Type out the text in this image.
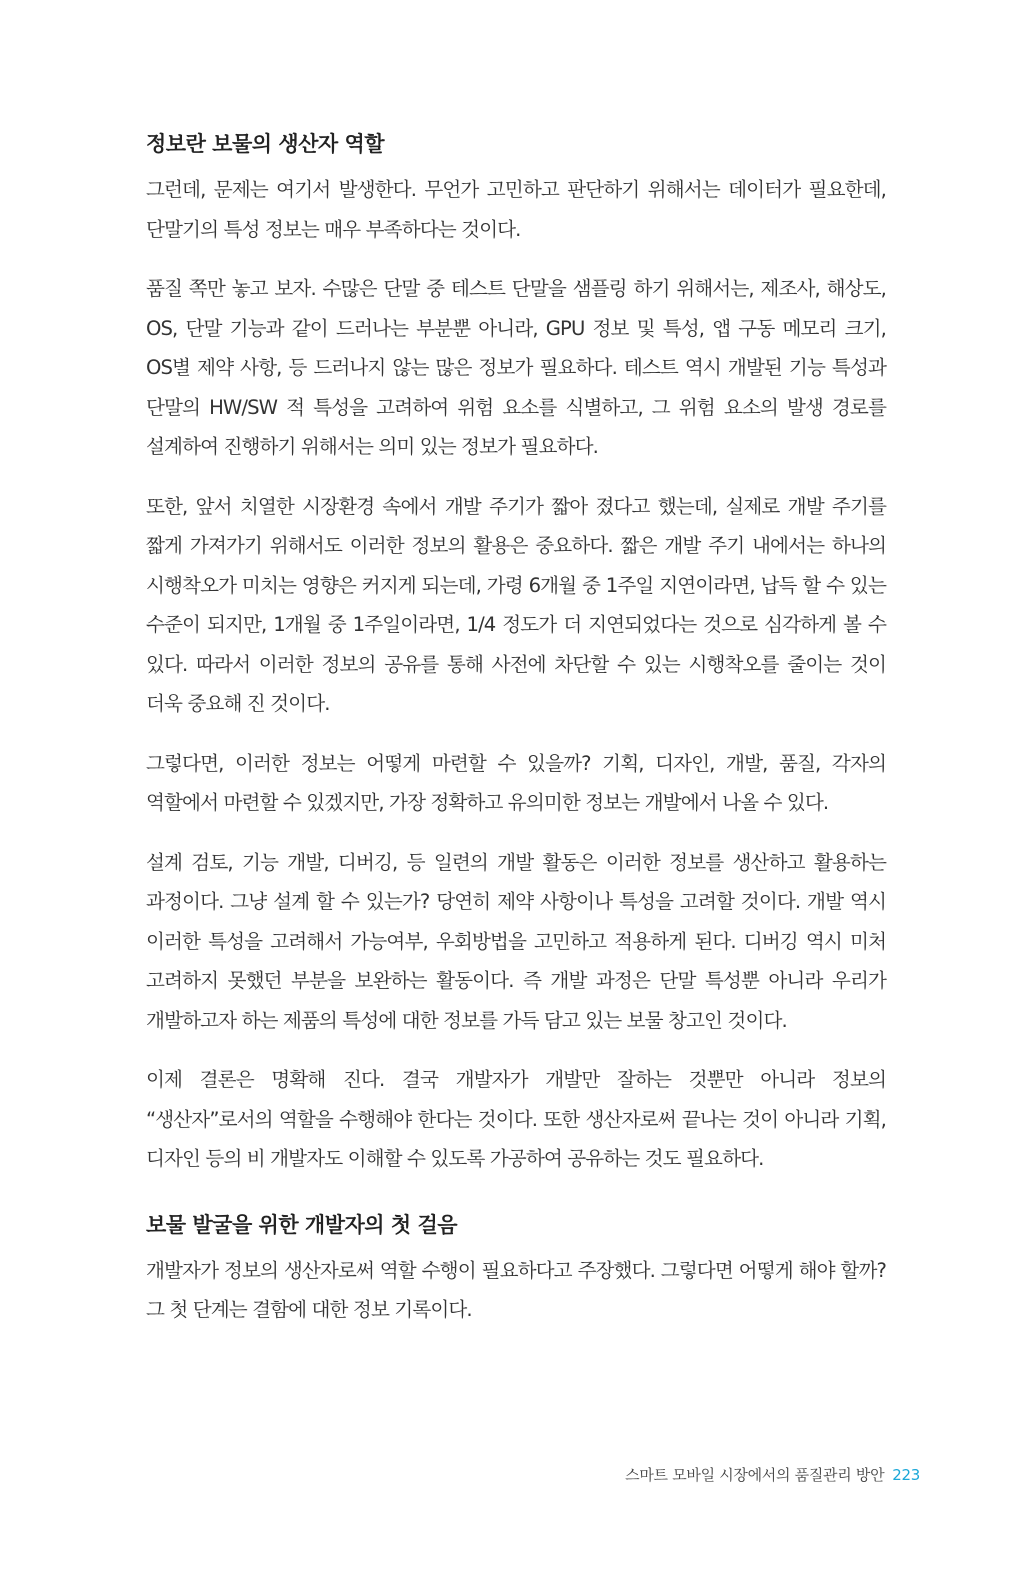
정보란 보물의 생산자 역할

그런데, 문제는 여기서 발생한다. 무언가 고민하고 판단하기 위해서는 데이터가 필요한데, 단말기의 특성 정보는 매우 부족하다는 것이다.

품질 쪽만 놓고 보자. 수많은 단말 중 테스트 단말을 샘플링 하기 위해서는, 제조사, 해상도, OS, 단말 기능과 같이 드러나는 부분뿐 아니라, GPU 정보 및 특성, 앱 구동 메모리 크기, OS별 제약 사항, 등 드러나지 않는 많은 정보가 필요하다. 테스트 역시 개발된 기능 특성과 단말의 HW/SW 적 특성을 고려하여 위험 요소를 식별하고, 그 위험 요소의 발생 경로를 설계하여 진행하기 위해서는 의미 있는 정보가 필요하다.

또한, 앞서 치열한 시장환경 속에서 개발 주기가 짧아 졌다고 했는데, 실제로 개발 주기를 짧게 가져가기 위해서도 이러한 정보의 활용은 중요하다. 짧은 개발 주기 내에서는 하나의 시행착오가 미치는 영향은 커지게 되는데, 가령 6개월 중 1주일 지연이라면, 납득 할 수 있는 수준이 되지만, 1개월 중 1주일이라면, 1/4 정도가 더 지연되었다는 것으로 심각하게 볼 수 있다. 따라서 이러한 정보의 공유를 통해 사전에 차단할 수 있는 시행착오를 줄이는 것이 더욱 중요해 진 것이다.

그렇다면, 이러한 정보는 어떻게 마련할 수 있을까? 기획, 디자인, 개발, 품질, 각자의 역할에서 마련할 수 있겠지만, 가장 정확하고 유의미한 정보는 개발에서 나올 수 있다.

설계 검토, 기능 개발, 디버깅, 등 일련의 개발 활동은 이러한 정보를 생산하고 활용하는 과정이다. 그냥 설계 할 수 있는가? 당연히 제약 사항이나 특성을 고려할 것이다. 개발 역시 이러한 특성을 고려해서 가능여부, 우회방법을 고민하고 적용하게 된다. 디버깅 역시 미처 고려하지 못했던 부분을 보완하는 활동이다. 즉 개발 과정은 단말 특성뿐 아니라 우리가 개발하고자 하는 제품의 특성에 대한 정보를 가득 담고 있는 보물 창고인 것이다.

이제 결론은 명확해 진다. 결국 개발자가 개발만 잘하는 것뿐만 아니라 정보의 “생산자”로서의 역할을 수행해야 한다는 것이다. 또한 생산자로써 끝나는 것이 아니라 기획, 디자인 등의 비 개발자도 이해할 수 있도록 가공하여 공유하는 것도 필요하다.

보물 발굴을 위한 개발자의 첫 걸음

개발자가 정보의 생산자로써 역할 수행이 필요하다고 주장했다. 그렇다면 어떻게 해야 할까? 그 첫 단계는 결함에 대한 정보 기록이다.

스마트 모바일 시장에서의 품질관리 방안 223
